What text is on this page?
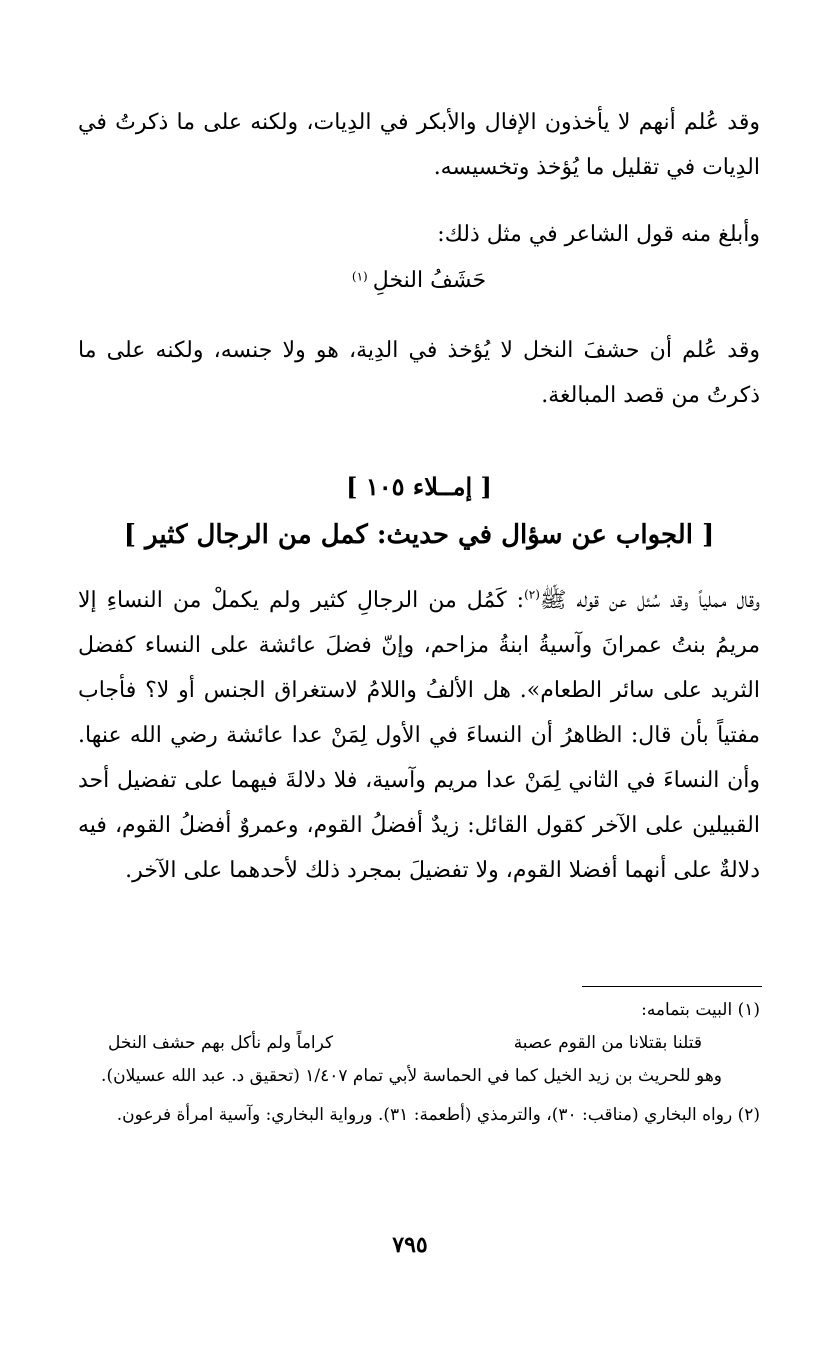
وقد عُلم أنهم لا يأخذون الإفال والأبكر في الدِيات، ولكنه على ما ذكرتُ في الدِيات في تقليل ما يُؤخذ وتخسيسه.

وأبلغ منه قول الشاعر في مثل ذلك:

حَشَفُ النخلِ $^{(١)}$

وقد عُلم أن حشفَ النخل لا يُؤخذ في الدِية، هو ولا جنسه، ولكنه على ما ذكرتُ من قصد المبالغة.

[ إمــلاء ١٠٥ ]
[ الجواب عن سؤال في حديث: كمل من الرجال كثير ]

وقال مملياً وقد سُئل عن قوله ﷺ$^{(٢)}$: كَمُل من الرجالِ كثير ولم يكملْ من النساءِ إلا مريمُ بنتُ عمرانَ وآسيةُ ابنةُ مزاحم، وإنّ فضلَ عائشة على النساء كفضل الثريد على سائر الطعام». هل الألفُ واللامُ لاستغراق الجنس أو لا؟ فأجاب مفتياً بأن قال: الظاهرُ أن النساءَ في الأول لِمَنْ عدا عائشة رضي الله عنها. وأن النساءَ في الثاني لِمَنْ عدا مريم وآسية، فلا دلالةَ فيهما على تفضيل أحد القبيلين على الآخر كقول القائل: زيدٌ أفضلُ القوم، وعمروٌ أفضلُ القوم، فيه دلالةٌ على أنهما أفضلا القوم، ولا تفضيلَ بمجرد ذلك لأحدهما على الآخر.

(١) البيت بتمامه:

قتلنا بقتلانا من القوم عصبة
كراماً ولم نأكل بهم حشف النخل

وهو للحريث بن زيد الخيل كما في الحماسة لأبي تمام ١/٤٠٧ (تحقيق د. عبد الله عسيلان).

(٢) رواه البخاري (مناقب: ٣٠)، والترمذي (أطعمة: ٣١). ورواية البخاري: وآسية امرأة فرعون.

٧٩٥
